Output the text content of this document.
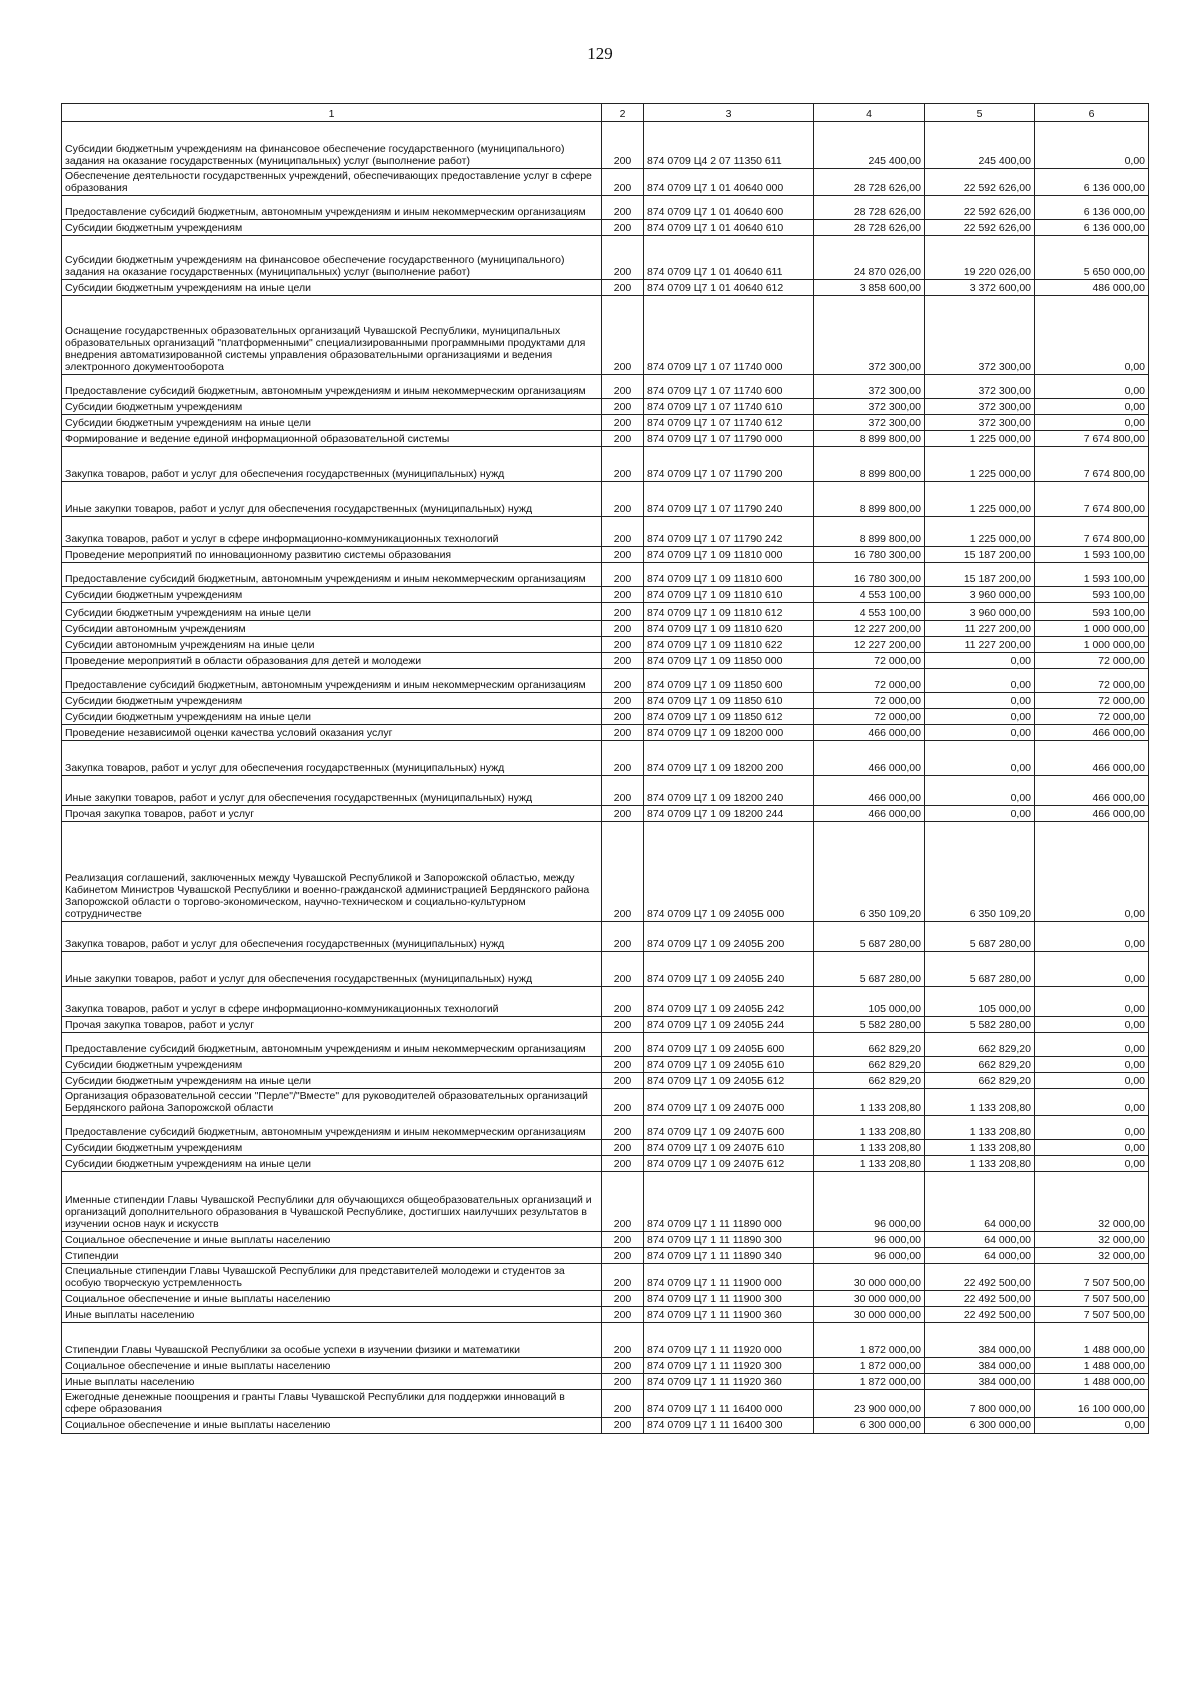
129
1	2	3	4	5	6
Субсидии бюджетным учреждениям на финансовое обеспечение государственного (муниципального) задания на оказание государственных (муниципальных) услуг (выполнение работ)	200	874 0709 Ц4 2 07 11350 611	245 400,00	245 400,00	0,00
Обеспечение деятельности государственных учреждений, обеспечивающих предоставление услуг в сфере образования	200	874 0709 Ц7 1 01 40640 000	28 728 626,00	22 592 626,00	6 136 000,00
Предоставление субсидий бюджетным, автономным учреждениям и иным некоммерческим организациям	200	874 0709 Ц7 1 01 40640 600	28 728 626,00	22 592 626,00	6 136 000,00
Субсидии бюджетным учреждениям	200	874 0709 Ц7 1 01 40640 610	28 728 626,00	22 592 626,00	6 136 000,00
Субсидии бюджетным учреждениям на финансовое обеспечение государственного (муниципального) задания на оказание государственных (муниципальных) услуг (выполнение работ)	200	874 0709 Ц7 1 01 40640 611	24 870 026,00	19 220 026,00	5 650 000,00
Субсидии бюджетным учреждениям на иные цели	200	874 0709 Ц7 1 01 40640 612	3 858 600,00	3 372 600,00	486 000,00
Оснащение государственных образовательных организаций Чувашской Республики, муниципальных образовательных организаций "платформенными" специализированными программными продуктами для внедрения автоматизированной системы управления образовательными организациями и ведения электронного документооборота	200	874 0709 Ц7 1 07 11740 000	372 300,00	372 300,00	0,00
Предоставление субсидий бюджетным, автономным учреждениям и иным некоммерческим организациям	200	874 0709 Ц7 1 07 11740 600	372 300,00	372 300,00	0,00
Субсидии бюджетным учреждениям	200	874 0709 Ц7 1 07 11740 610	372 300,00	372 300,00	0,00
Субсидии бюджетным учреждениям на иные цели	200	874 0709 Ц7 1 07 11740 612	372 300,00	372 300,00	0,00
Формирование и ведение единой информационной образовательной системы	200	874 0709 Ц7 1 07 11790 000	8 899 800,00	1 225 000,00	7 674 800,00
Закупка товаров, работ и услуг для обеспечения государственных (муниципальных) нужд	200	874 0709 Ц7 1 07 11790 200	8 899 800,00	1 225 000,00	7 674 800,00
Иные закупки товаров, работ и услуг для обеспечения государственных (муниципальных) нужд	200	874 0709 Ц7 1 07 11790 240	8 899 800,00	1 225 000,00	7 674 800,00
Закупка товаров, работ и услуг в сфере информационно-коммуникационных технологий	200	874 0709 Ц7 1 07 11790 242	8 899 800,00	1 225 000,00	7 674 800,00
Проведение мероприятий по инновационному развитию системы образования	200	874 0709 Ц7 1 09 11810 000	16 780 300,00	15 187 200,00	1 593 100,00
Предоставление субсидий бюджетным, автономным учреждениям и иным некоммерческим организациям	200	874 0709 Ц7 1 09 11810 600	16 780 300,00	15 187 200,00	1 593 100,00
Субсидии бюджетным учреждениям	200	874 0709 Ц7 1 09 11810 610	4 553 100,00	3 960 000,00	593 100,00
Субсидии бюджетным учреждениям на иные цели	200	874 0709 Ц7 1 09 11810 612	4 553 100,00	3 960 000,00	593 100,00
Субсидии автономным учреждениям	200	874 0709 Ц7 1 09 11810 620	12 227 200,00	11 227 200,00	1 000 000,00
Субсидии автономным учреждениям на иные цели	200	874 0709 Ц7 1 09 11810 622	12 227 200,00	11 227 200,00	1 000 000,00
Проведение мероприятий в области образования для детей и молодежи	200	874 0709 Ц7 1 09 11850 000	72 000,00	0,00	72 000,00
Предоставление субсидий бюджетным, автономным учреждениям и иным некоммерческим организациям	200	874 0709 Ц7 1 09 11850 600	72 000,00	0,00	72 000,00
Субсидии бюджетным учреждениям	200	874 0709 Ц7 1 09 11850 610	72 000,00	0,00	72 000,00
Субсидии бюджетным учреждениям на иные цели	200	874 0709 Ц7 1 09 11850 612	72 000,00	0,00	72 000,00
Проведение независимой оценки качества условий оказания услуг	200	874 0709 Ц7 1 09 18200 000	466 000,00	0,00	466 000,00
Закупка товаров, работ и услуг для обеспечения государственных (муниципальных) нужд	200	874 0709 Ц7 1 09 18200 200	466 000,00	0,00	466 000,00
Иные закупки товаров, работ и услуг для обеспечения государственных (муниципальных) нужд	200	874 0709 Ц7 1 09 18200 240	466 000,00	0,00	466 000,00
Прочая закупка товаров, работ и услуг	200	874 0709 Ц7 1 09 18200 244	466 000,00	0,00	466 000,00
Реализация соглашений, заключенных между Чувашской Республикой и Запорожской областью, между Кабинетом Министров Чувашской Республики и военно-гражданской администрацией Бердянского района Запорожской области о торгово-экономическом, научно-техническом и социально-культурном сотрудничестве	200	874 0709 Ц7 1 09 2405Б 000	6 350 109,20	6 350 109,20	0,00
Закупка товаров, работ и услуг для обеспечения государственных (муниципальных) нужд	200	874 0709 Ц7 1 09 2405Б 200	5 687 280,00	5 687 280,00	0,00
Иные закупки товаров, работ и услуг для обеспечения государственных (муниципальных) нужд	200	874 0709 Ц7 1 09 2405Б 240	5 687 280,00	5 687 280,00	0,00
Закупка товаров, работ и услуг в сфере информационно-коммуникационных технологий	200	874 0709 Ц7 1 09 2405Б 242	105 000,00	105 000,00	0,00
Прочая закупка товаров, работ и услуг	200	874 0709 Ц7 1 09 2405Б 244	5 582 280,00	5 582 280,00	0,00
Предоставление субсидий бюджетным, автономным учреждениям и иным некоммерческим организациям	200	874 0709 Ц7 1 09 2405Б 600	662 829,20	662 829,20	0,00
Субсидии бюджетным учреждениям	200	874 0709 Ц7 1 09 2405Б 610	662 829,20	662 829,20	0,00
Субсидии бюджетным учреждениям на иные цели	200	874 0709 Ц7 1 09 2405Б 612	662 829,20	662 829,20	0,00
Организация образовательной сессии "Перле"/"Вместе" для руководителей образовательных организаций Бердянского района Запорожской области	200	874 0709 Ц7 1 09 2407Б 000	1 133 208,80	1 133 208,80	0,00
Предоставление субсидий бюджетным, автономным учреждениям и иным некоммерческим организациям	200	874 0709 Ц7 1 09 2407Б 600	1 133 208,80	1 133 208,80	0,00
Субсидии бюджетным учреждениям	200	874 0709 Ц7 1 09 2407Б 610	1 133 208,80	1 133 208,80	0,00
Субсидии бюджетным учреждениям на иные цели	200	874 0709 Ц7 1 09 2407Б 612	1 133 208,80	1 133 208,80	0,00
Именные стипендии Главы Чувашской Республики для обучающихся общеобразовательных организаций и организаций дополнительного образования в Чувашской Республике, достигших наилучших результатов в изучении основ наук и искусств	200	874 0709 Ц7 1 11 11890 000	96 000,00	64 000,00	32 000,00
Социальное обеспечение и иные выплаты населению	200	874 0709 Ц7 1 11 11890 300	96 000,00	64 000,00	32 000,00
Стипендии	200	874 0709 Ц7 1 11 11890 340	96 000,00	64 000,00	32 000,00
Специальные стипендии Главы Чувашской Республики для представителей молодежи и студентов за особую творческую устремленность	200	874 0709 Ц7 1 11 11900 000	30 000 000,00	22 492 500,00	7 507 500,00
Социальное обеспечение и иные выплаты населению	200	874 0709 Ц7 1 11 11900 300	30 000 000,00	22 492 500,00	7 507 500,00
Иные выплаты населению	200	874 0709 Ц7 1 11 11900 360	30 000 000,00	22 492 500,00	7 507 500,00
Стипендии Главы Чувашской Республики за особые успехи в изучении физики и математики	200	874 0709 Ц7 1 11 11920 000	1 872 000,00	384 000,00	1 488 000,00
Социальное обеспечение и иные выплаты населению	200	874 0709 Ц7 1 11 11920 300	1 872 000,00	384 000,00	1 488 000,00
Иные выплаты населению	200	874 0709 Ц7 1 11 11920 360	1 872 000,00	384 000,00	1 488 000,00
Ежегодные денежные поощрения и гранты Главы Чувашской Республики для поддержки инноваций в сфере образования	200	874 0709 Ц7 1 11 16400 000	23 900 000,00	7 800 000,00	16 100 000,00
Социальное обеспечение и иные выплаты населению	200	874 0709 Ц7 1 11 16400 300	6 300 000,00	6 300 000,00	0,00
